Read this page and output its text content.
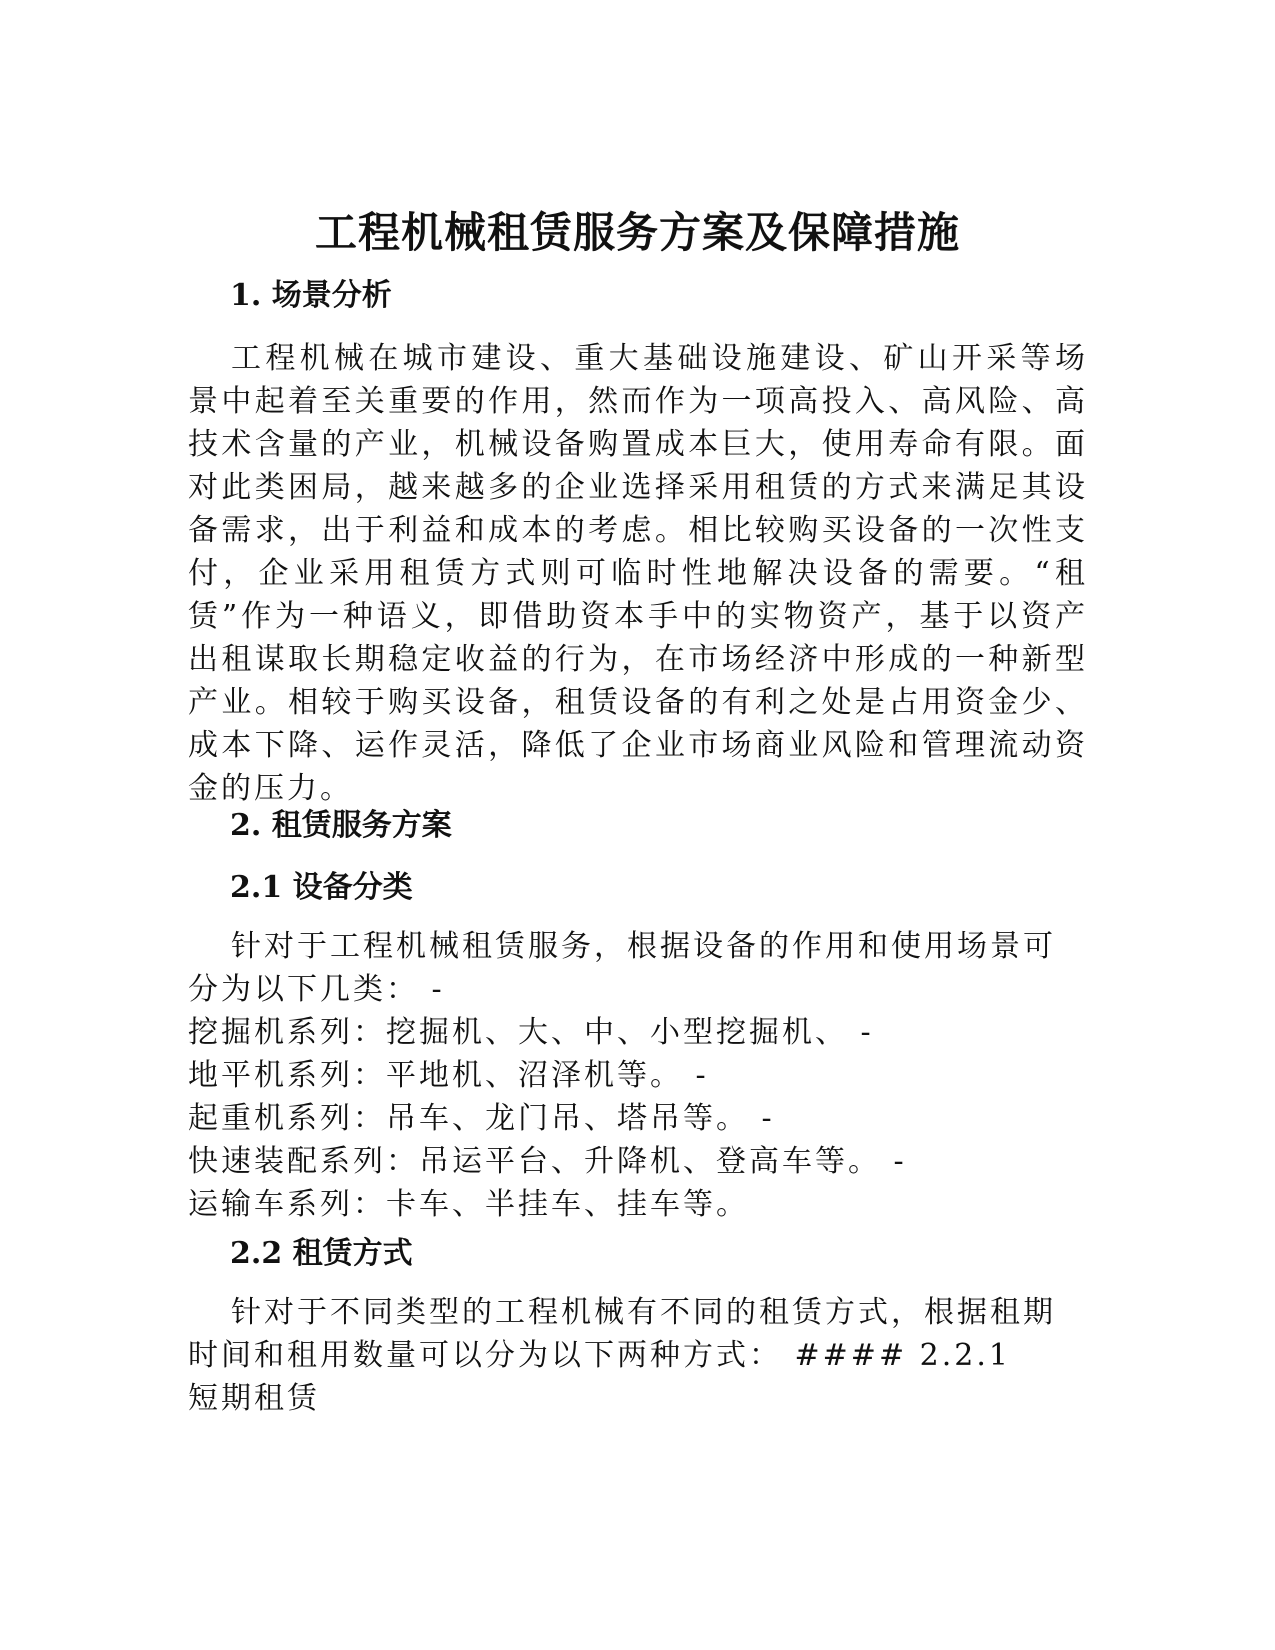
工程机械租赁服务方案及保障措施
1. 场景分析
工程机械在城市建设、重大基础设施建设、矿山开采等场景中起着至关重要的作用，然而作为一项高投入、高风险、高技术含量的产业，机械设备购置成本巨大，使用寿命有限。面对此类困局，越来越多的企业选择采用租赁的方式来满足其设备需求，出于利益和成本的考虑。相比较购买设备的一次性支付，企业采用租赁方式则可临时性地解决设备的需要。“租赁”作为一种语义，即借助资本手中的实物资产，基于以资产出租谋取长期稳定收益的行为，在市场经济中形成的一种新型产业。相较于购买设备，租赁设备的有利之处是占用资金少、成本下降、运作灵活，降低了企业市场商业风险和管理流动资金的压力。
2. 租赁服务方案
2.1 设备分类
针对于工程机械租赁服务，根据设备的作用和使用场景可
分为以下几类： -
挖掘机系列：挖掘机、大、中、小型挖掘机、 -
地平机系列：平地机、沼泽机等。 -
起重机系列：吊车、龙门吊、塔吊等。 -
快速装配系列：吊运平台、升降机、登高车等。 -
运输车系列：卡车、半挂车、挂车等。
2.2 租赁方式
针对于不同类型的工程机械有不同的租赁方式，根据租期
时间和租用数量可以分为以下两种方式： #### 2.2.1
短期租赁
